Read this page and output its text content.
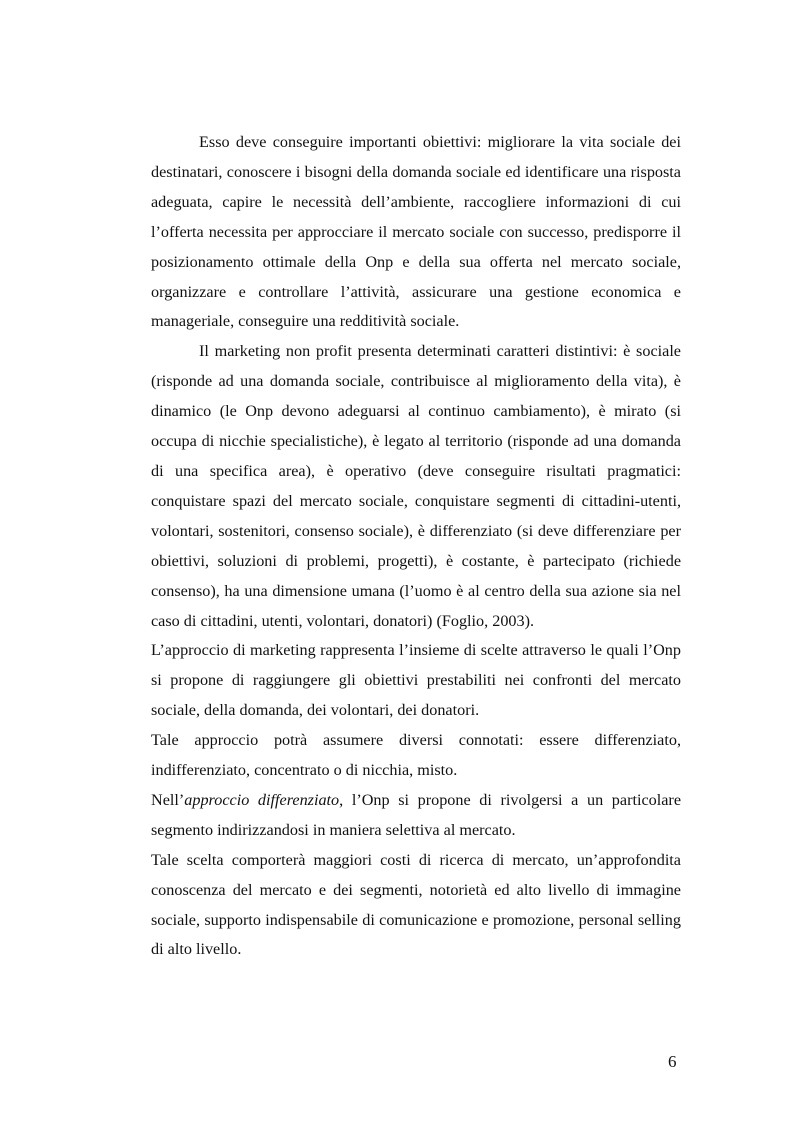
Esso deve conseguire importanti obiettivi: migliorare la vita sociale dei destinatari, conoscere i bisogni della domanda sociale ed identificare una risposta adeguata, capire le necessità dell’ambiente, raccogliere informazioni di cui l’offerta necessita per approcciare il mercato sociale con successo, predisporre il posizionamento ottimale della Onp e della sua offerta nel mercato sociale, organizzare e controllare l’attività, assicurare una gestione economica e manageriale, conseguire una redditività sociale.

Il marketing non profit presenta determinati caratteri distintivi: è sociale (risponde ad una domanda sociale, contribuisce al miglioramento della vita), è dinamico (le Onp devono adeguarsi al continuo cambiamento), è mirato (si occupa di nicchie specialistiche), è legato al territorio (risponde ad una domanda di una specifica area), è operativo (deve conseguire risultati pragmatici: conquistare spazi del mercato sociale, conquistare segmenti di cittadini-utenti, volontari, sostenitori, consenso sociale), è differenziato (si deve differenziare per obiettivi, soluzioni di problemi, progetti), è costante, è partecipato (richiede consenso), ha una dimensione umana (l’uomo è al centro della sua azione sia nel caso di cittadini, utenti, volontari, donatori) (Foglio, 2003).

L’approccio di marketing rappresenta l’insieme di scelte attraverso le quali l’Onp si propone di raggiungere gli obiettivi prestabiliti nei confronti del mercato sociale, della domanda, dei volontari, dei donatori.

Tale approccio potrà assumere diversi connotati: essere differenziato, indifferenziato, concentrato o di nicchia, misto.

Nell’approccio differenziato, l’Onp si propone di rivolgersi a un particolare segmento indirizzandosi in maniera selettiva al mercato.

Tale scelta comporterà maggiori costi di ricerca di mercato, un’approfondita conoscenza del mercato e dei segmenti, notorietà ed alto livello di immagine sociale, supporto indispensabile di comunicazione e promozione, personal selling di alto livello.

6
